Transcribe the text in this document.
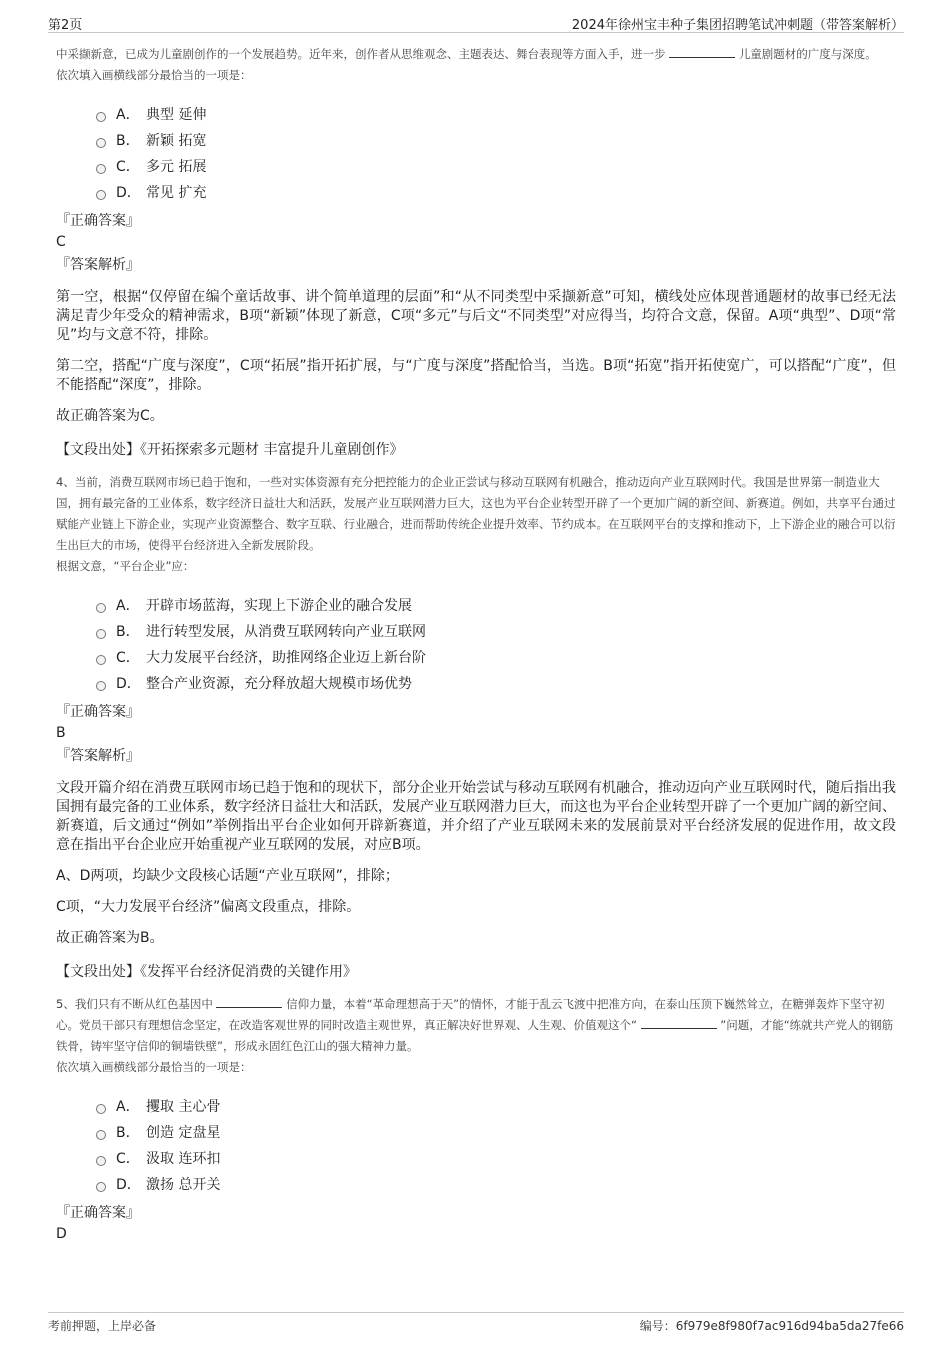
第2页	2024年徐州宝丰种子集团招聘笔试冲刺题（带答案解析）

中采撷新意，已成为儿童剧创作的一个发展趋势。近年来，创作者从思维观念、主题表达、舞台表现等方面入手，进一步	儿童剧题材的广度与深度。

依次填入画横线部分最恰当的一项是：

A． 典型 延伸
B． 新颖 拓宽
C． 多元 拓展
D． 常见 扩充

『正确答案』

C

『答案解析』

第一空，根据“仅停留在编个童话故事、讲个简单道理的层面”和“从不同类型中采撷新意”可知，横线处应体现普通题材的故事已经无法满足青少年受众的精神需求，B项“新颖”体现了新意，C项“多元”与后文“不同类型”对应得当，均符合文意，保留。A项“典型”、D项“常见”均与文意不符，排除。

第二空，搭配“广度与深度”，C项“拓展”指开拓扩展，与“广度与深度”搭配恰当，当选。B项“拓宽”指开拓使宽广，可以搭配“广度”，但不能搭配“深度”，排除。

故正确答案为C。

【文段出处】《开拓探索多元题材 丰富提升儿童剧创作》

4、当前，消费互联网市场已趋于饱和，一些对实体资源有充分把控能力的企业正尝试与移动互联网有机融合，推动迈向产业互联网时代。我国是世界第一制造业大国，拥有最完备的工业体系，数字经济日益壮大和活跃，发展产业互联网潜力巨大，这也为平台企业转型开辟了一个更加广阔的新空间、新赛道。例如，共享平台通过赋能产业链上下游企业，实现产业资源整合、数字互联、行业融合，进而帮助传统企业提升效率、节约成本。在互联网平台的支撑和推动下，上下游企业的融合可以衍生出巨大的市场，使得平台经济进入全新发展阶段。

根据文意，“平台企业”应：

A． 开辟市场蓝海，实现上下游企业的融合发展
B． 进行转型发展，从消费互联网转向产业互联网
C． 大力发展平台经济，助推网络企业迈上新台阶
D． 整合产业资源，充分释放超大规模市场优势

『正确答案』

B

『答案解析』

文段开篇介绍在消费互联网市场已趋于饱和的现状下，部分企业开始尝试与移动互联网有机融合，推动迈向产业互联网时代，随后指出我国拥有最完备的工业体系，数字经济日益壮大和活跃，发展产业互联网潜力巨大，而这也为平台企业转型开辟了一个更加广阔的新空间、新赛道，后文通过“例如”举例指出平台企业如何开辟新赛道，并介绍了产业互联网未来的发展前景对平台经济发展的促进作用，故文段意在指出平台企业应开始重视产业互联网的发展，对应B项。

A、D两项，均缺少文段核心话题“产业互联网”，排除；

C项，“大力发展平台经济”偏离文段重点，排除。

故正确答案为B。

【文段出处】《发挥平台经济促消费的关键作用》

5、我们只有不断从红色基因中	信仰力量，本着“革命理想高于天”的情怀，才能于乱云飞渡中把准方向，在泰山压顶下巍然耸立，在糖弹轰炸下坚守初心。党员干部只有理想信念坚定，在改造客观世界的同时改造主观世界，真正解决好世界观、人生观、价值观这个“	”问题，才能“练就共产党人的钢筋铁骨，铸牢坚守信仰的铜墙铁壁”，形成永固红色江山的强大精神力量。

依次填入画横线部分最恰当的一项是：

A． 攫取 主心骨
B． 创造 定盘星
C． 汲取 连环扣
D． 激扬 总开关

『正确答案』

D

考前押题，上岸必备	编号：6f979e8f980f7ac916d94ba5da27fe66
